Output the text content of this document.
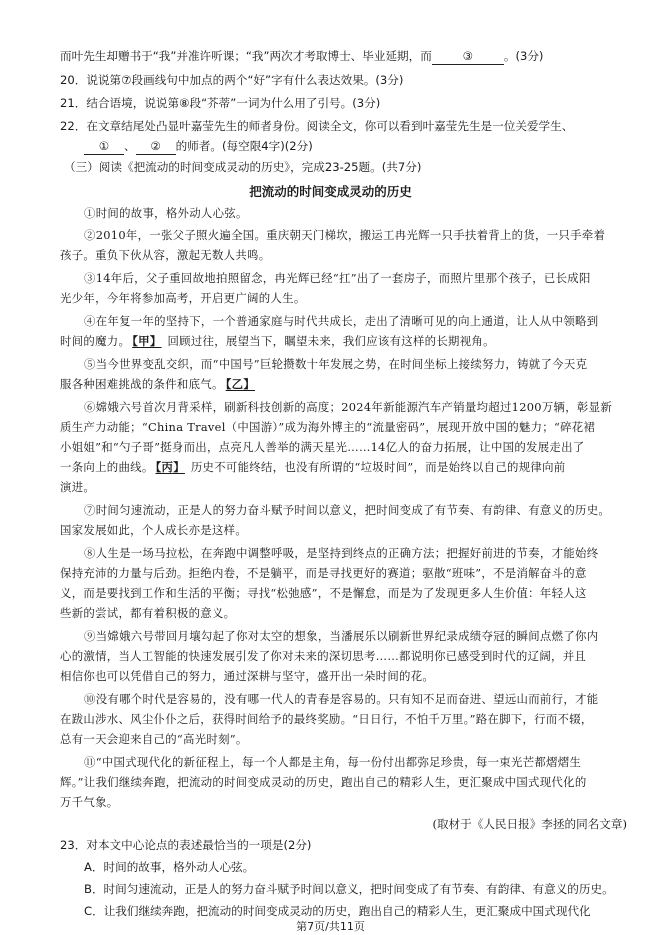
而叶先生却赠书于“我”并准许听课；“我”两次才考取博士、毕业延期，而	③	。(3分)
20．说说第⑦段画线句中加点的两个“好”字有什么表达效果。(3分)
21．结合语境，说说第⑧段“芥蒂”一词为什么用了引号。(3分)
22．在文章结尾处凸显叶嘉莹先生的师者身份。阅读全文，你可以看到叶嘉莹先生是一位关爱学生、
① 、 ② 的师者。(每空限4字)(2分)
（三）阅读《把流动的时间变成灵动的历史》，完成23-25题。(共7分)
把流动的时间变成灵动的历史
①时间的故事，格外动人心弦。
②2010年，一张父子照火遍全国。重庆朝天门梯坎，搬运工冉光辉一只手扶着背上的货，一只手牵着
孩子。重负下伙从容，激起无数人共鸣。
③14年后，父子重回故地拍照留念，冉光辉已经“扛”出了一套房子，而照片里那个孩子，已长成阳
光少年，今年将参加高考，开启更广阔的人生。
④在年复一年的坚持下，一个普通家庭与时代共成长，走出了清晰可见的向上通道，让人从中领略到
时间的魔力。 【甲】 回顾过往，展望当下，瞩望未来，我们应该有这样的长期视角。
⑤当今世界变乱交织，而“中国号”巨轮攒数十年发展之势，在时间坐标上接续努力，铸就了今天克
服各种困难挑战的条件和底气。 【乙】
⑥嫦娥六号首次月背采样，刷新科技创新的高度；2024年新能源汽车产销量均超过1200万辆，彰显新
质生产力动能；“China Travel（中国游）”成为海外博主的“流量密码”，展现开放中国的魅力；“碎花裙
小姐姐”和“勺子哥”挺身而出，点亮凡人善举的满天星光……14亿人的奋力拓展，让中国的发展走出了
一条向上的曲线。 【丙】 历史不可能终结，也没有所谓的“垃圾时间”，而是始终以自己的规律向前
演进。
⑦时间匀速流动，正是人的努力奋斗赋予时间以意义，把时间变成了有节奏、有韵律、有意义的历史。
国家发展如此，个人成长亦是这样。
⑧人生是一场马拉松，在奔跑中调整呼吸，是坚持到终点的正确方法；把握好前进的节奏，才能始终
保持充沛的力量与后劲。拒绝内卷，不是躺平，而是寻找更好的赛道；驱散“班味”，不是消解奋斗的意
义，而是要找到工作和生活的平衡；寻找“松弛感”，不是懈怠，而是为了发现更多人生价值：年轻人这
些新的尝试，都有着积极的意义。
⑨当嫦娥六号带回月壤勾起了你对太空的想象，当潘展乐以刷新世界纪录成绩夺冠的瞬间点燃了你内
心的激情，当人工智能的快速发展引发了你对未来的深切思考……都说明你已感受到时代的辽阔，并且
相信你也可以凭借自己的努力，通过深耕与坚守，盛开出一朵时间的花。
⑩没有哪个时代是容易的，没有哪一代人的青春是容易的。只有知不足而奋进、望远山而前行，才能
在跋山涉水、风尘仆仆之后，获得时间给予的最终奖励。“日日行，不怕千万里。”路在脚下，行而不辍，
总有一天会迎来自己的“高光时刻”。
⑪“中国式现代化的新征程上，每一个人都是主角，每一份付出都弥足珍贵，每一束光芒都熠熠生
辉。”让我们继续奔跑，把流动的时间变成灵动的历史，跑出自己的精彩人生，更汇聚成中国式现代化的
万千气象。
(取材于《人民日报》李拯的同名文章)
第7页/共11页
23．对本文中心论点的表述最恰当的一项是(2分)
A．时间的故事，格外动人心弦。
B．时间匀速流动，正是人的努力奋斗赋予时间以意义，把时间变成了有节奏、有韵律、有意义的历史。
C．让我们继续奔跑，把流动的时间变成灵动的历史，跑出自己的精彩人生，更汇聚成中国式现代化
